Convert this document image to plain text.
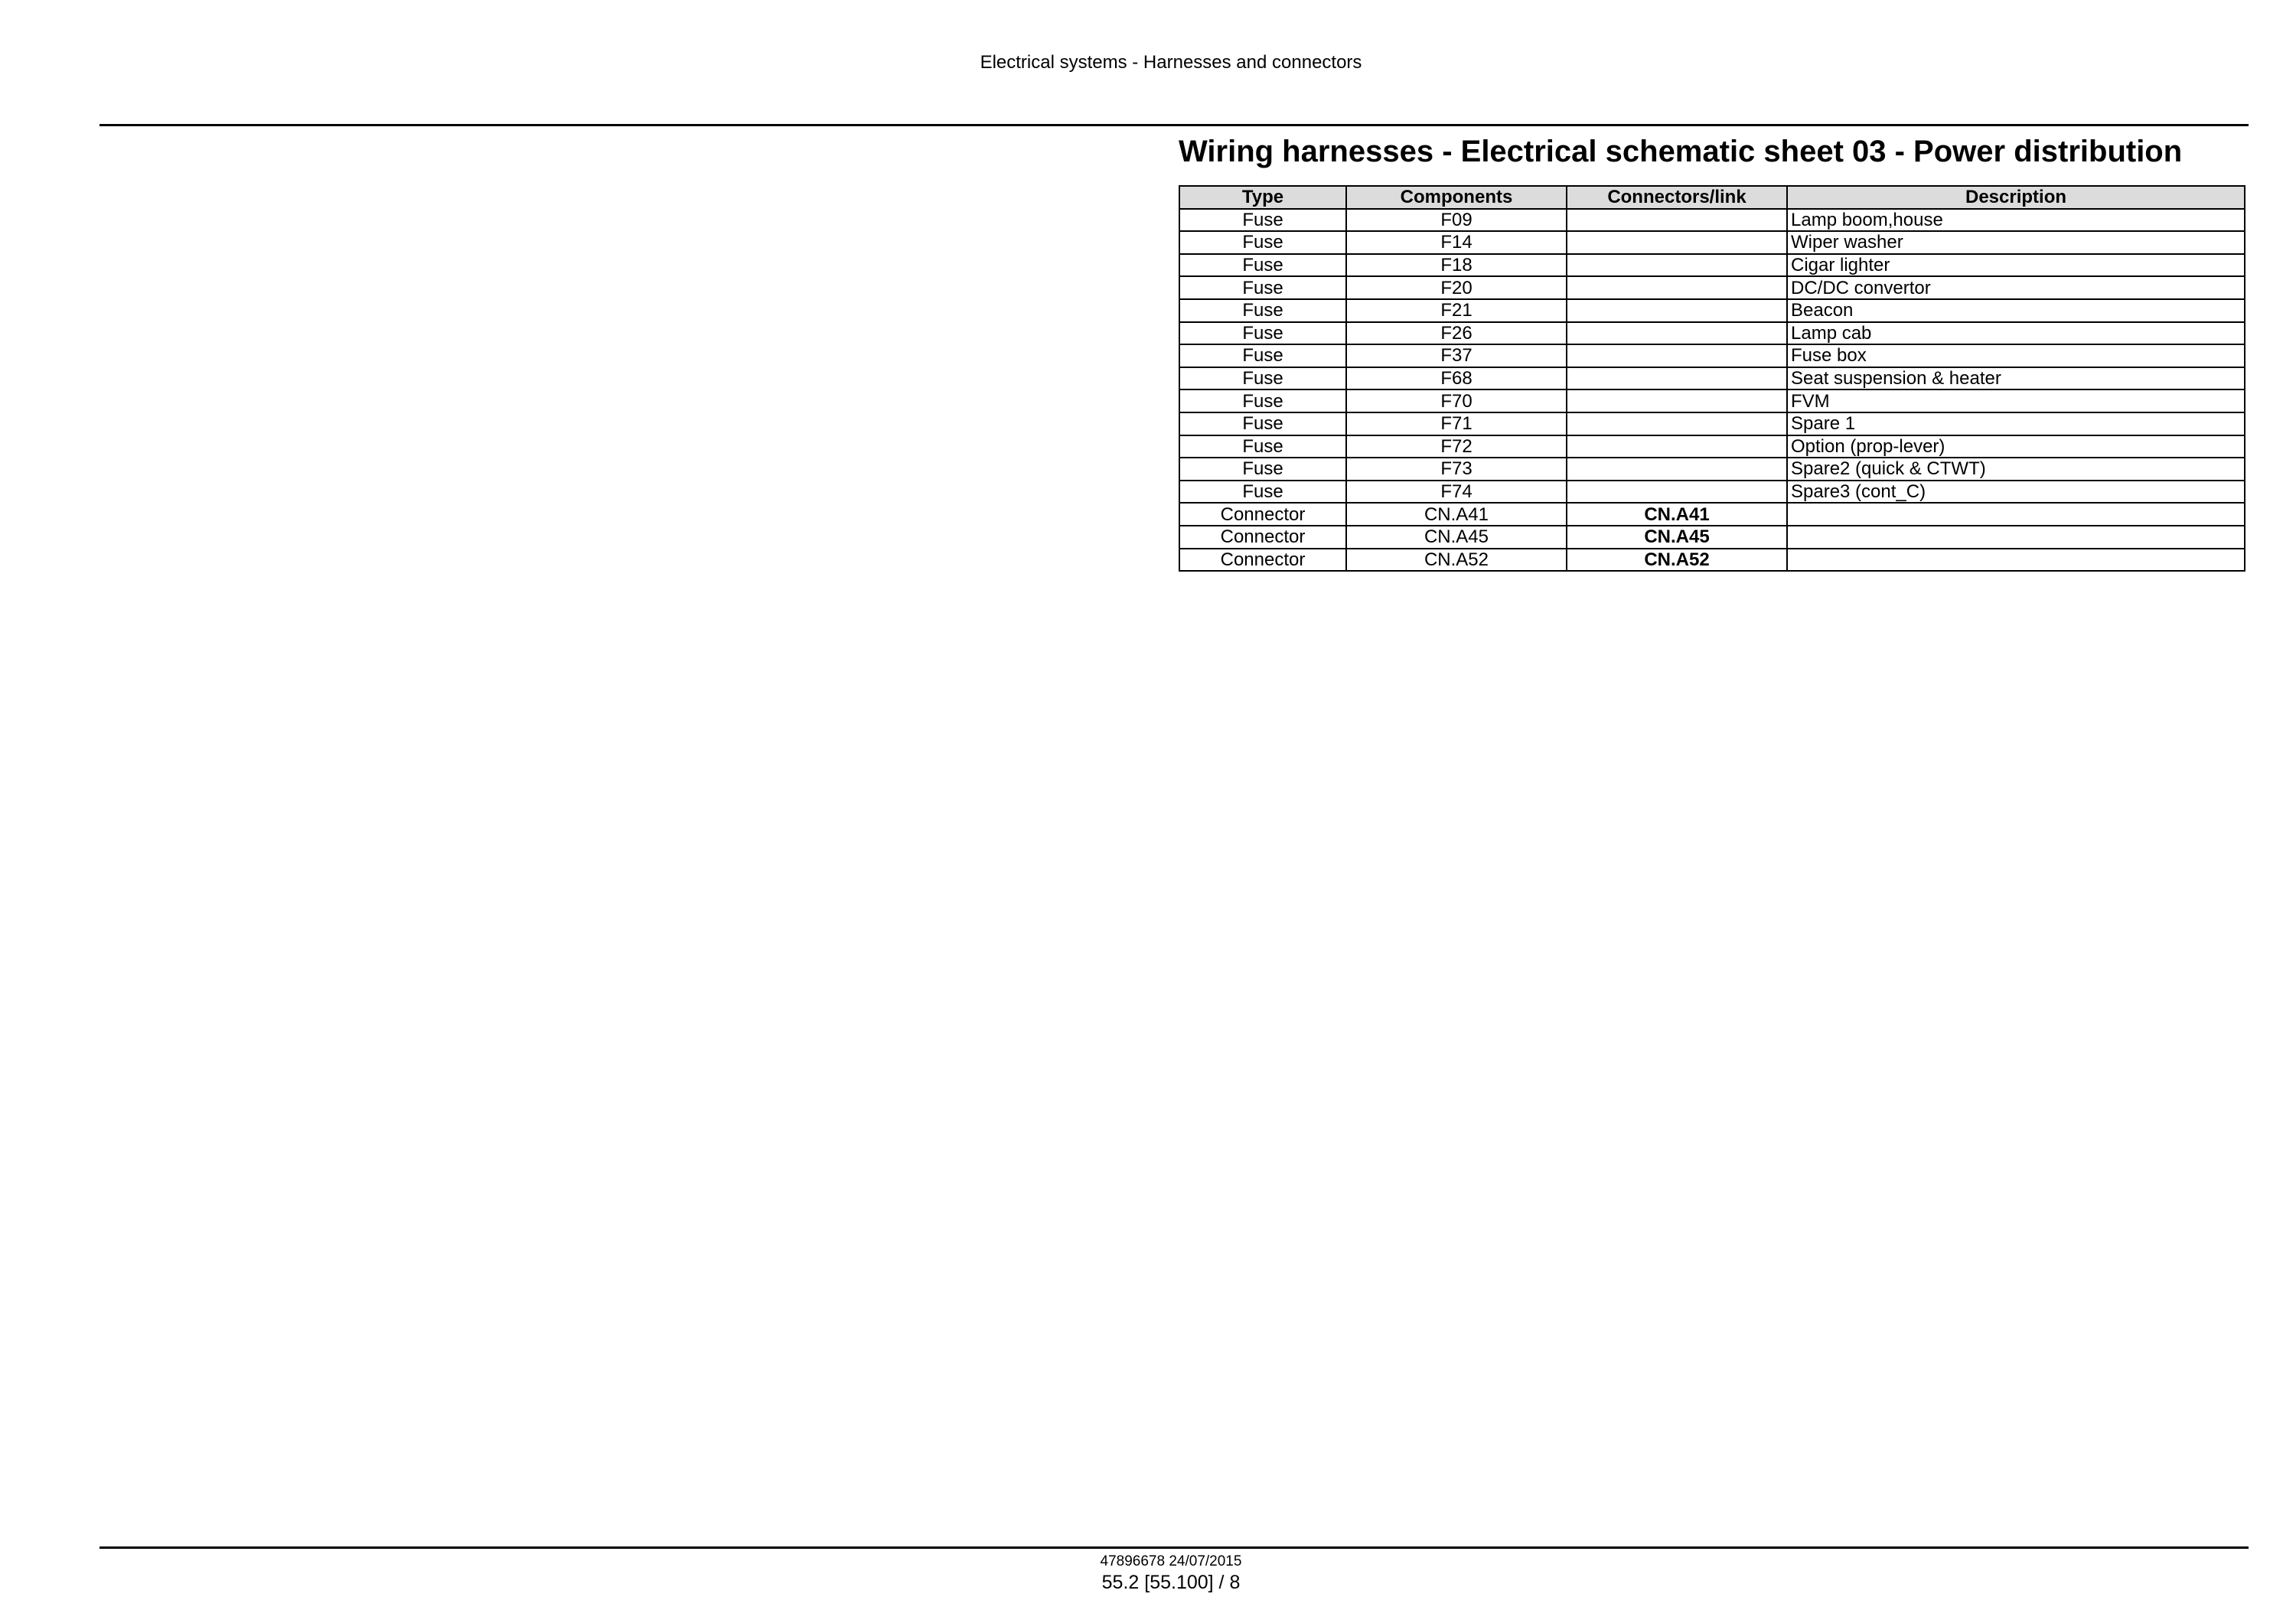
Electrical systems - Harnesses and connectors
Wiring harnesses - Electrical schematic sheet 03 - Power distribution
Type	Components	Connectors/link	Description
Fuse	F09		Lamp boom,house
Fuse	F14		Wiper washer
Fuse	F18		Cigar lighter
Fuse	F20		DC/DC convertor
Fuse	F21		Beacon
Fuse	F26		Lamp cab
Fuse	F37		Fuse box
Fuse	F68		Seat suspension & heater
Fuse	F70		FVM
Fuse	F71		Spare 1
Fuse	F72		Option (prop-lever)
Fuse	F73		Spare2 (quick & CTWT)
Fuse	F74		Spare3 (cont_C)
Connector	CN.A41	CN.A41	
Connector	CN.A45	CN.A45	
Connector	CN.A52	CN.A52	
47896678 24/07/2015
55.2 [55.100] / 8
